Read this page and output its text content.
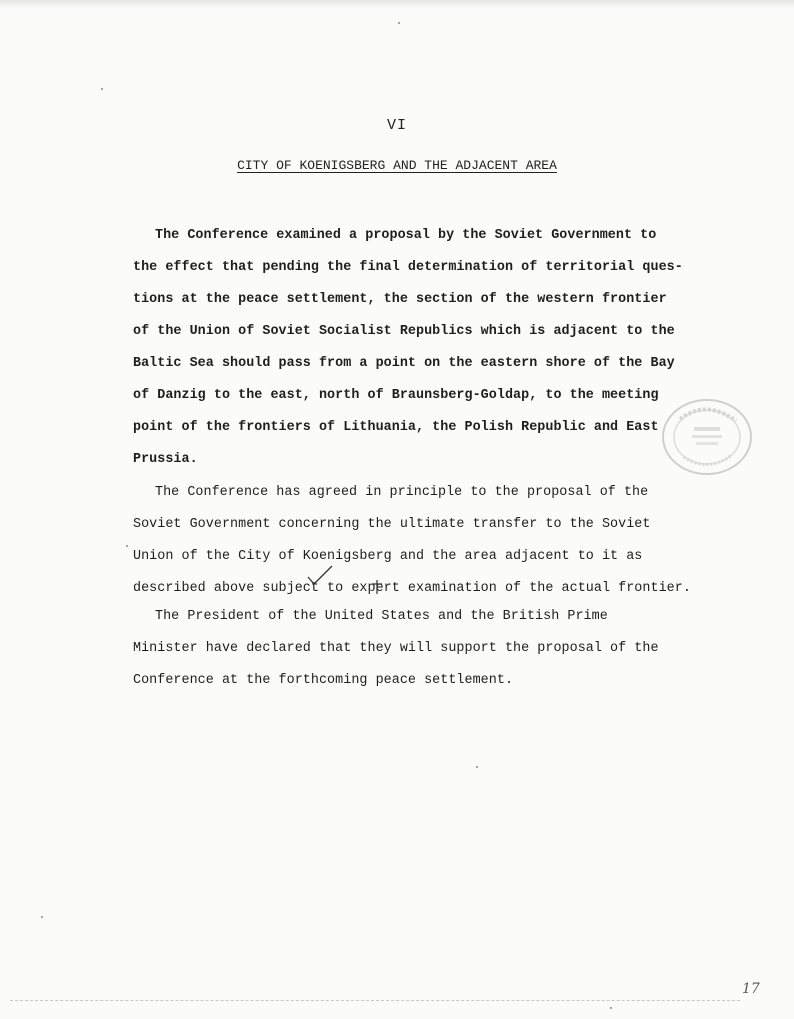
VI
CITY OF KOENIGSBERG AND THE ADJACENT AREA
The Conference examined a proposal by the Soviet Government to
the effect that pending the final determination of territorial ques-
tions at the peace settlement, the section of the western frontier
of the Union of Soviet Socialist Republics which is adjacent to the
Baltic Sea should pass from a point on the eastern shore of the Bay
of Danzig to the east, north of Braunsberg-Goldap, to the meeting
point of the frontiers of Lithuania, the Polish Republic and East
Prussia.
The Conference has agreed in principle to the proposal of the
Soviet Government concerning the ultimate transfer to the Soviet
Union of the City of Koenigsberg and the area adjacent to it as
described above subject to expert examination of the actual frontier.
The President of the United States and the British Prime
Minister have declared that they will support the proposal of the
Conference at the forthcoming peace settlement.
17
